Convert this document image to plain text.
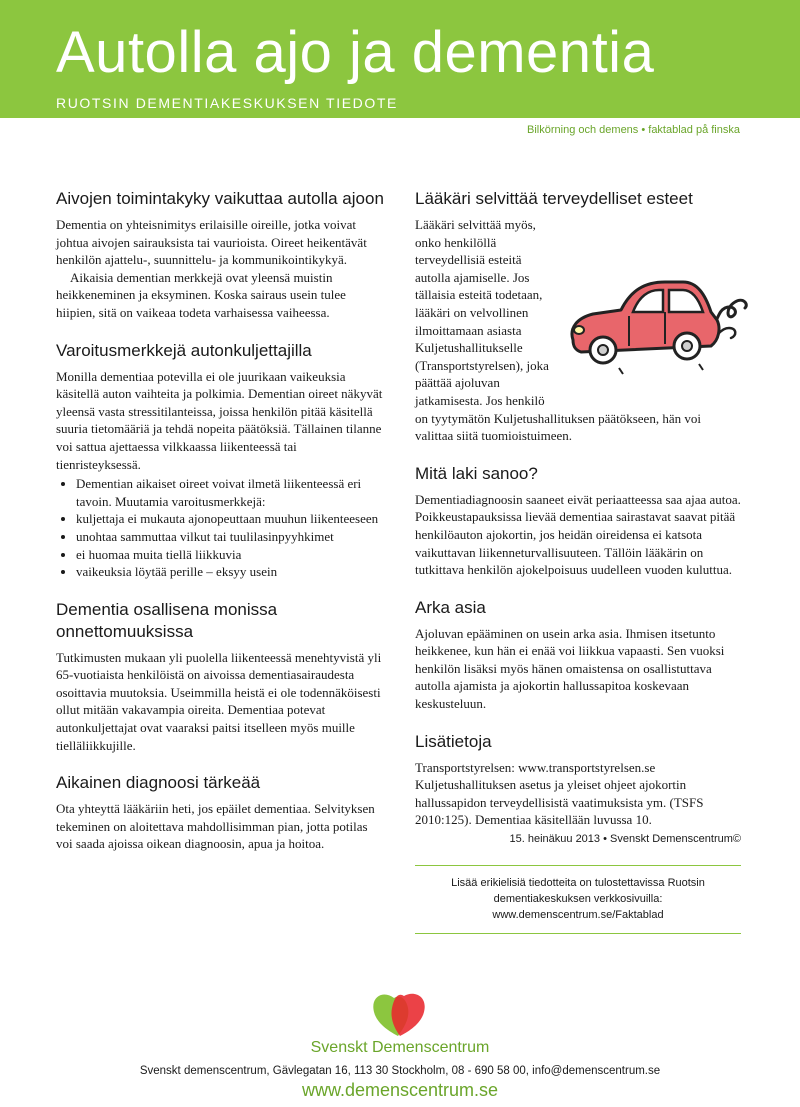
Autolla ajo ja dementia
RUOTSIN DEMENTIAKESKUKSEN TIEDOTE
Bilkörning och demens • faktablad på finska
Aivojen toimintakyky vaikuttaa autolla ajoon

Dementia on yhteisnimitys erilaisille oireille, jotka voivat johtua aivojen sairauksista tai vaurioista. Oireet heikentävät henkilön ajattelu-, suunnittelu- ja kommunikointikykyä.

Aikaisia dementian merkkejä ovat yleensä muistin heikkeneminen ja eksyminen. Koska sairaus usein tulee hiipien, sitä on vaikeaa todeta varhaisessa vaiheessa.

Varoitusmerkkejä autonkuljettajilla

Monilla dementiaa potevilla ei ole juurikaan vaikeuksia käsitellä auton vaihteita ja polkimia. Dementian oireet näkyvät yleensä vasta stressitilanteissa, joissa henkilön pitää käsitellä suuria tietomääriä ja tehdä nopeita päätöksiä. Tällainen tilanne voi sattua ajettaessa vilkkaassa liikenteessä tai tienristeyksessä.

• Dementian aikaiset oireet voivat ilmetä liikenteessä eri tavoin. Muutamia varoitusmerkkejä:
• kuljettaja ei mukauta ajonopeuttaan muuhun liikenteeseen
• unohtaa sammuttaa vilkut tai tuulilasinpyyhkimet
• ei huomaa muita tiellä liikkuvia
• vaikeuksia löytää perille – eksyy usein
Dementia osallisena monissa onnettomuuksissa

Tutkimusten mukaan yli puolella liikenteessä menehtyvistä yli 65-vuotiaista henkilöistä on aivoissa dementiasairaudesta osoittavia muutoksia. Useimmilla heistä ei ole todennäköisesti ollut mitään vakavampia oireita. Dementiaa potevat autonkuljettajat ovat vaaraksi paitsi itselleen myös muille tielläliikkujille.

Aikainen diagnoosi tärkeää

Ota yhteyttä lääkäriin heti, jos epäilet dementiaa. Selvityksen tekeminen on aloitettava mahdollisimman pian, jotta potilas voi saada ajoissa oikean diagnoosin, apua ja hoitoa.

Lääkäri selvittää terveydelliset esteet

Lääkäri selvittää myös, onko henkilöllä terveydellisiä esteitä autolla ajamiselle. Jos tällaisia esteitä todetaan, lääkäri on velvollinen ilmoittamaan asiasta Kuljetushallitukselle (Transportstyrelsen), joka päättää ajoluvan jatkamisesta. Jos henkilö on tyytymätön Kuljetushallituksen päätökseen, hän voi valittaa siitä tuomioistuimeen.

Mitä laki sanoo?

Dementiadiagnoosin saaneet eivät periaatteessa saa ajaa autoa. Poikkeustapauksissa lievää dementiaa sairastavat saavat pitää henkilöauton ajokortin, jos heidän oireidensa ei katsota vaikuttavan liikenneturvallisuuteen. Tällöin lääkärin on tutkittava henkilön ajokelpoisuus uudelleen vuoden kuluttua.

Arka asia

Ajoluvan epääminen on usein arka asia. Ihmisen itsetunto heikkenee, kun hän ei enää voi liikkua vapaasti. Sen vuoksi henkilön lisäksi myös hänen omaistensa on osallistuttava autolla ajamista ja ajokortin hallussapitoa koskevaan keskusteluun.

Lisätietoja

Transportstyrelsen: www.transportstyrelsen.se

Kuljetushallituksen asetus ja yleiset ohjeet ajokortin hallussapidon terveydellisistä vaatimuksista ym. (TSFS 2010:125). Dementiaa käsitellään luvussa 10.

15. heinäkuu 2013 • Svenskt Demenscentrum©
Lisää erikielisiä tiedotteita on tulostettavissa Ruotsin
dementiakeskuksen verkkosivuilla:
www.demenscentrum.se/Faktablad
Svenskt Demenscentrum
Svenskt demenscentrum, Gävlegatan 16, 113 30 Stockholm, 08 - 690 58 00, info@demenscentrum.se
www.demenscentrum.se
